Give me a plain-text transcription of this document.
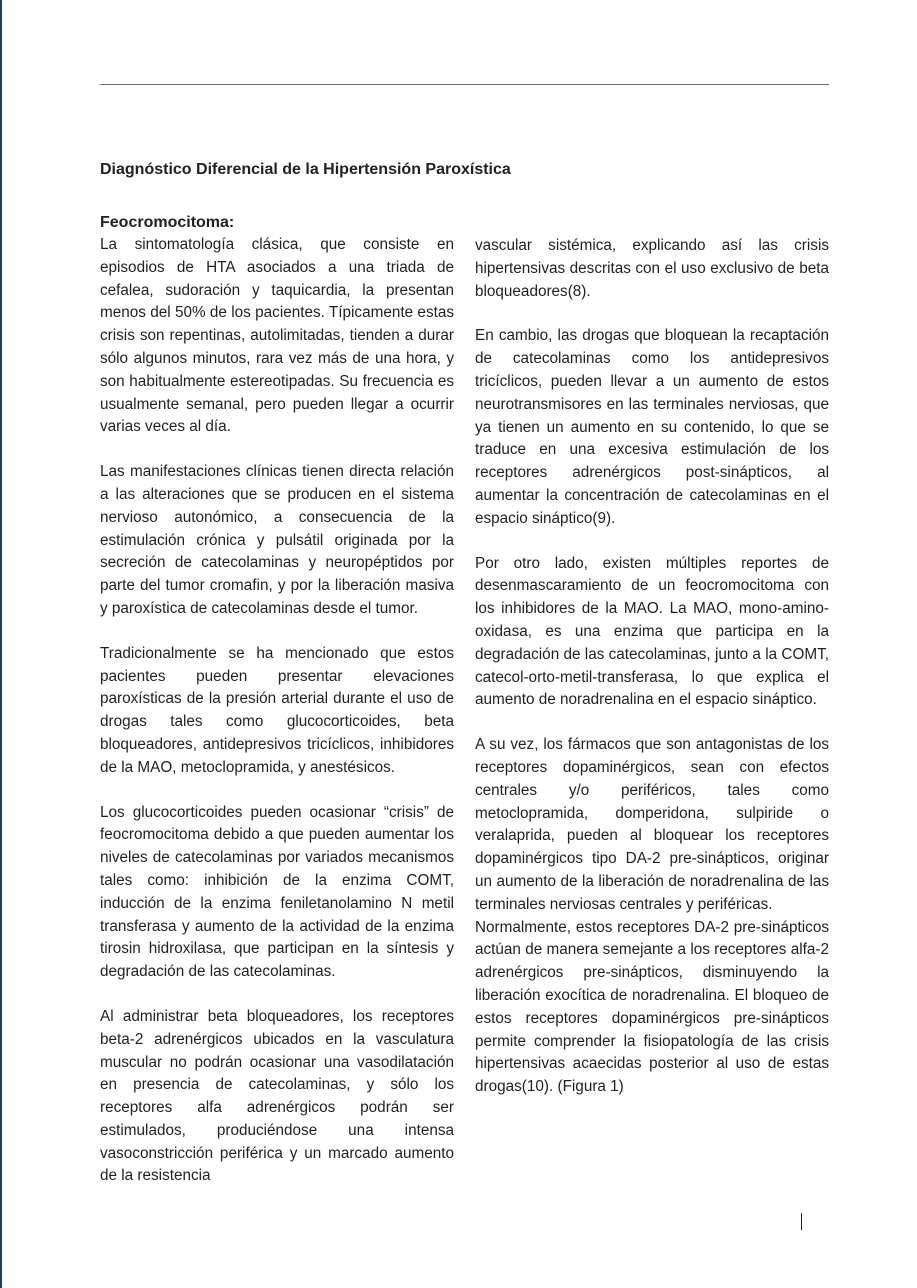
Diagnóstico Diferencial de la Hipertensión Paroxística
Feocromocitoma:

La sintomatología clásica, que consiste en episodios de HTA asociados a una triada de cefalea, sudoración y taquicardia, la presentan menos del 50% de los pacientes. Típicamente estas crisis son repentinas, autolimitadas, tienden a durar sólo algunos minutos, rara vez más de una hora, y son habitualmente estereotipadas. Su frecuencia es usualmente semanal, pero pueden llegar a ocurrir varias veces al día.

Las manifestaciones clínicas tienen directa relación a las alteraciones que se producen en el sistema nervioso autonómico, a consecuencia de la estimulación crónica y pulsátil originada por la secreción de catecolaminas y neuropéptidos por parte del tumor cromafin, y por la liberación masiva y paroxística de catecolaminas desde el tumor.

Tradicionalmente se ha mencionado que estos pacientes pueden presentar elevaciones paroxísticas de la presión arterial durante el uso de drogas tales como glucocorticoides, beta bloqueadores, antidepresivos tricíclicos, inhibidores de la MAO, metoclopramida, y anestésicos.

Los glucocorticoides pueden ocasionar “crisis” de feocromocitoma debido a que pueden aumentar los niveles de catecolaminas por variados mecanismos tales como: inhibición de la enzima COMT, inducción de la enzima feniletanolamino N metil transferasa y aumento de la actividad de la enzima tirosin hidroxilasa, que participan en la síntesis y degradación de las catecolaminas.

Al administrar beta bloqueadores, los receptores beta-2 adrenérgicos ubicados en la vasculatura muscular no podrán ocasionar una vasodilatación en presencia de catecolaminas, y sólo los receptores alfa adrenérgicos podrán ser estimulados, produciéndose una intensa vasoconstricción periférica y un marcado aumento de la resistencia

vascular sistémica, explicando así las crisis hipertensivas descritas con el uso exclusivo de beta bloqueadores(8).

En cambio, las drogas que bloquean la recaptación de catecolaminas como los antidepresivos tricíclicos, pueden llevar a un aumento de estos neurotransmisores en las terminales nerviosas, que ya tienen un aumento en su contenido, lo que se traduce en una excesiva estimulación de los receptores adrenérgicos post-sinápticos, al aumentar la concentración de catecolaminas en el espacio sináptico(9).

Por otro lado, existen múltiples reportes de desenmascaramiento de un feocromocitoma con los inhibidores de la MAO. La MAO, mono-amino-oxidasa, es una enzima que participa en la degradación de las catecolaminas, junto a la COMT, catecol-orto-metil-transferasa, lo que explica el aumento de noradrenalina en el espacio sináptico.

A su vez, los fármacos que son antagonistas de los receptores dopaminérgicos, sean con efectos centrales y/o periféricos, tales como metoclopramida, domperidona, sulpiride o veralaprida, pueden al bloquear los receptores dopaminérgicos tipo DA-2 pre-sinápticos, originar un aumento de la liberación de noradrenalina de las terminales nerviosas centrales y periféricas.

Normalmente, estos receptores DA-2 pre-sinápticos actúan de manera semejante a los receptores alfa-2 adrenérgicos pre-sinápticos, disminuyendo la liberación exocítica de noradrenalina. El bloqueo de estos receptores dopaminérgicos pre-sinápticos permite comprender la fisiopatología de las crisis hipertensivas acaecidas posterior al uso de estas drogas(10). (Figura 1)
